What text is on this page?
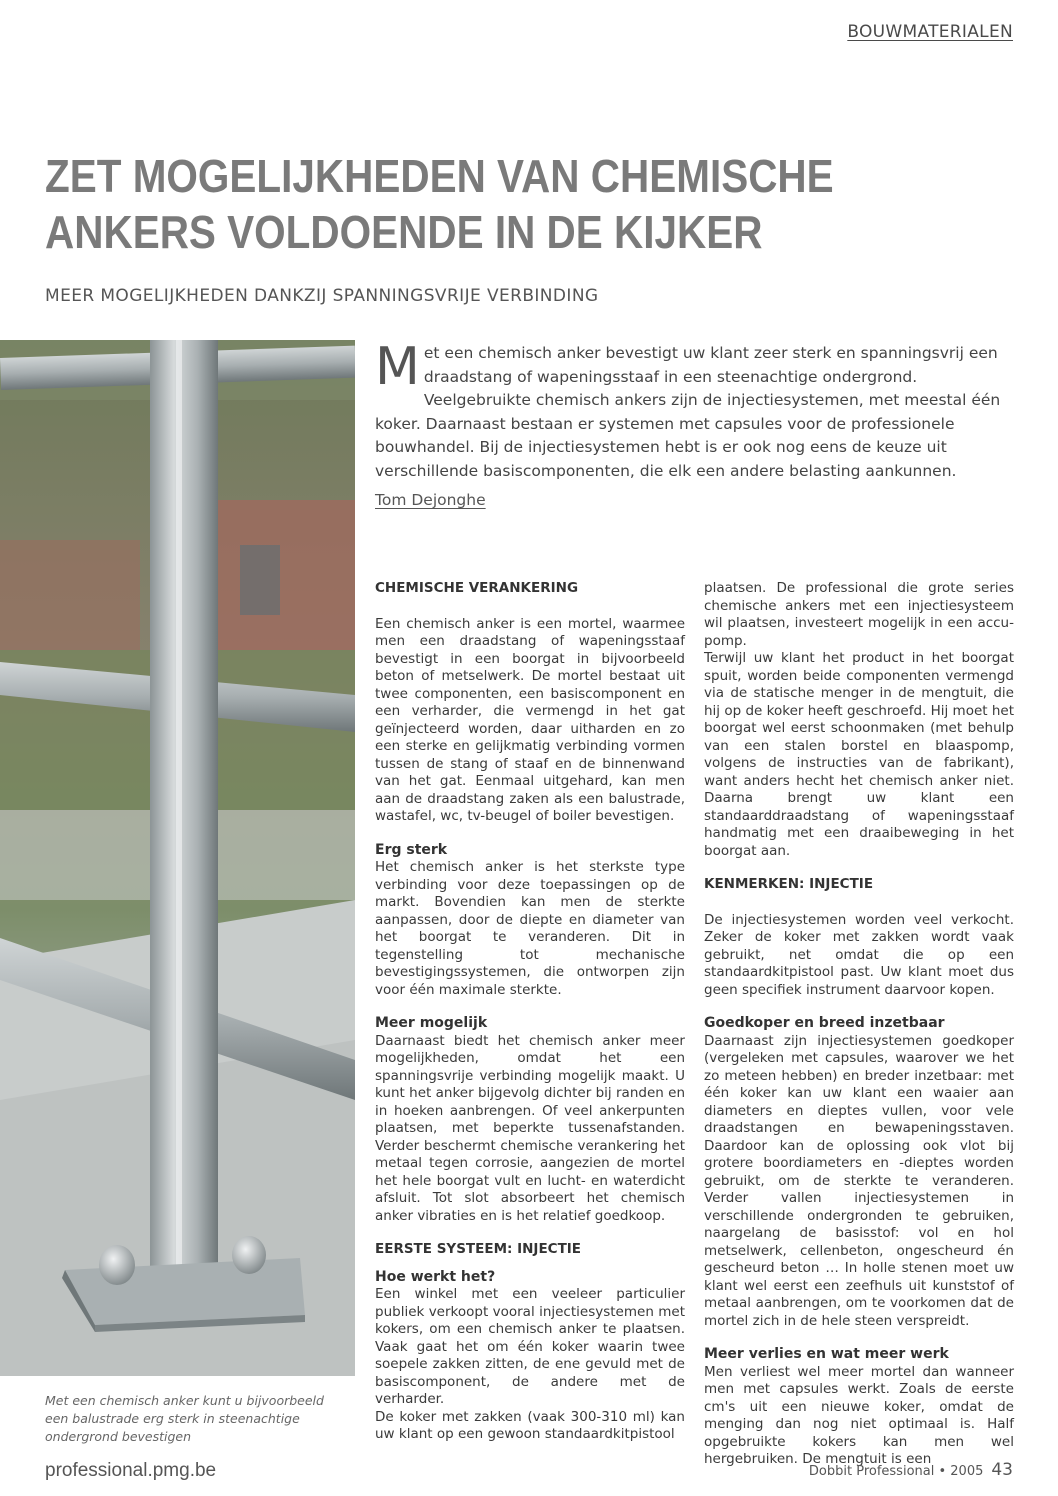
BOUWMATERIALEN
ZET MOGELIJKHEDEN VAN CHEMISCHE
ANKERS VOLDOENDE IN DE KIJKER
MEER MOGELIJKHEDEN DANKZIJ SPANNINGSVRIJE VERBINDING
Met een chemisch anker kunt u bijvoorbeeld een balustrade erg sterk in steenachtige ondergrond bevestigen
Met een chemisch anker bevestigt uw klant zeer sterk en spanningsvrij een draadstang of wapeningsstaaf in een steenachtige ondergrond. Veelgebruikte chemisch ankers zijn de injectiesystemen, met meestal één koker. Daarnaast bestaan er systemen met capsules voor de professionele bouwhandel. Bij de injectiesystemen hebt is er ook nog eens de keuze uit verschillende basiscomponenten, die elk een andere belasting aankunnen.
Tom Dejonghe
CHEMISCHE VERANKERING

Een chemisch anker is een mortel, waarmee men een draadstang of wapeningsstaaf bevestigt in een boorgat in bijvoorbeeld beton of metselwerk. De mortel bestaat uit twee componenten, een basiscomponent en een verharder, die vermengd in het gat geïnjecteerd worden, daar uitharden en zo een sterke en gelijkmatig verbinding vormen tussen de stang of staaf en de binnenwand van het gat. Eenmaal uitgehard, kan men aan de draadstang zaken als een balustrade, wastafel, wc, tv-beugel of boiler bevestigen.

Erg sterk

Het chemisch anker is het sterkste type verbinding voor deze toepassingen op de markt. Bovendien kan men de sterkte aanpassen, door de diepte en diameter van het boorgat te veranderen. Dit in tegenstelling tot mechanische bevestigingssystemen, die ontworpen zijn voor één maximale sterkte.

Meer mogelijk

Daarnaast biedt het chemisch anker meer mogelijkheden, omdat het een spanningsvrije verbinding mogelijk maakt. U kunt het anker bijgevolg dichter bij randen en in hoeken aanbrengen. Of veel ankerpunten plaatsen, met beperkte tussenafstanden. Verder beschermt chemische verankering het metaal tegen corrosie, aangezien de mortel het hele boorgat vult en lucht- en waterdicht afsluit. Tot slot absorbeert het chemisch anker vibraties en is het relatief goedkoop.

EERSTE SYSTEEM: INJECTIE
Hoe werkt het?

Een winkel met een veeleer particulier publiek verkoopt vooral injectiesystemen met kokers, om een chemisch anker te plaatsen. Vaak gaat het om één koker waarin twee soepele zakken zitten, de ene gevuld met de basiscomponent, de andere met de verharder.

De koker met zakken (vaak 300-310 ml) kan uw klant op een gewoon standaardkitpistool

plaatsen. De professional die grote series chemische ankers met een injectiesysteem wil plaatsen, investeert mogelijk in een accu-pomp.

Terwijl uw klant het product in het boorgat spuit, worden beide componenten vermengd via de statische menger in de mengtuit, die hij op de koker heeft geschroefd. Hij moet het boorgat wel eerst schoonmaken (met behulp van een stalen borstel en blaaspomp, volgens de instructies van de fabrikant), want anders hecht het chemisch anker niet. Daarna brengt uw klant een standaarddraadstang of wapeningsstaaf handmatig met een draaibeweging in het boorgat aan.

KENMERKEN: INJECTIE

De injectiesystemen worden veel verkocht. Zeker de koker met zakken wordt vaak gebruikt, net omdat die op een standaardkitpistool past. Uw klant moet dus geen specifiek instrument daarvoor kopen.

Goedkoper en breed inzetbaar

Daarnaast zijn injectiesystemen goedkoper (vergeleken met capsules, waarover we het zo meteen hebben) en breder inzetbaar: met één koker kan uw klant een waaier aan diameters en dieptes vullen, voor vele draadstangen en bewapeningsstaven. Daardoor kan de oplossing ook vlot bij grotere boordiameters en -dieptes worden gebruikt, om de sterkte te veranderen. Verder vallen injectiesystemen in verschillende ondergronden te gebruiken, naargelang de basisstof: vol en hol metselwerk, cellenbeton, ongescheurd én gescheurd beton … In holle stenen moet uw klant wel eerst een zeefhuls uit kunststof of metaal aanbrengen, om te voorkomen dat de mortel zich in de hele steen verspreidt.

Meer verlies en wat meer werk

Men verliest wel meer mortel dan wanneer men met capsules werkt. Zoals de eerste cm's uit een nieuwe koker, omdat de menging dan nog niet optimaal is. Half opgebruikte kokers kan men wel hergebruiken. De mengtuit is een

professional.pmg.be	Dobbit Professional • 2005 43
